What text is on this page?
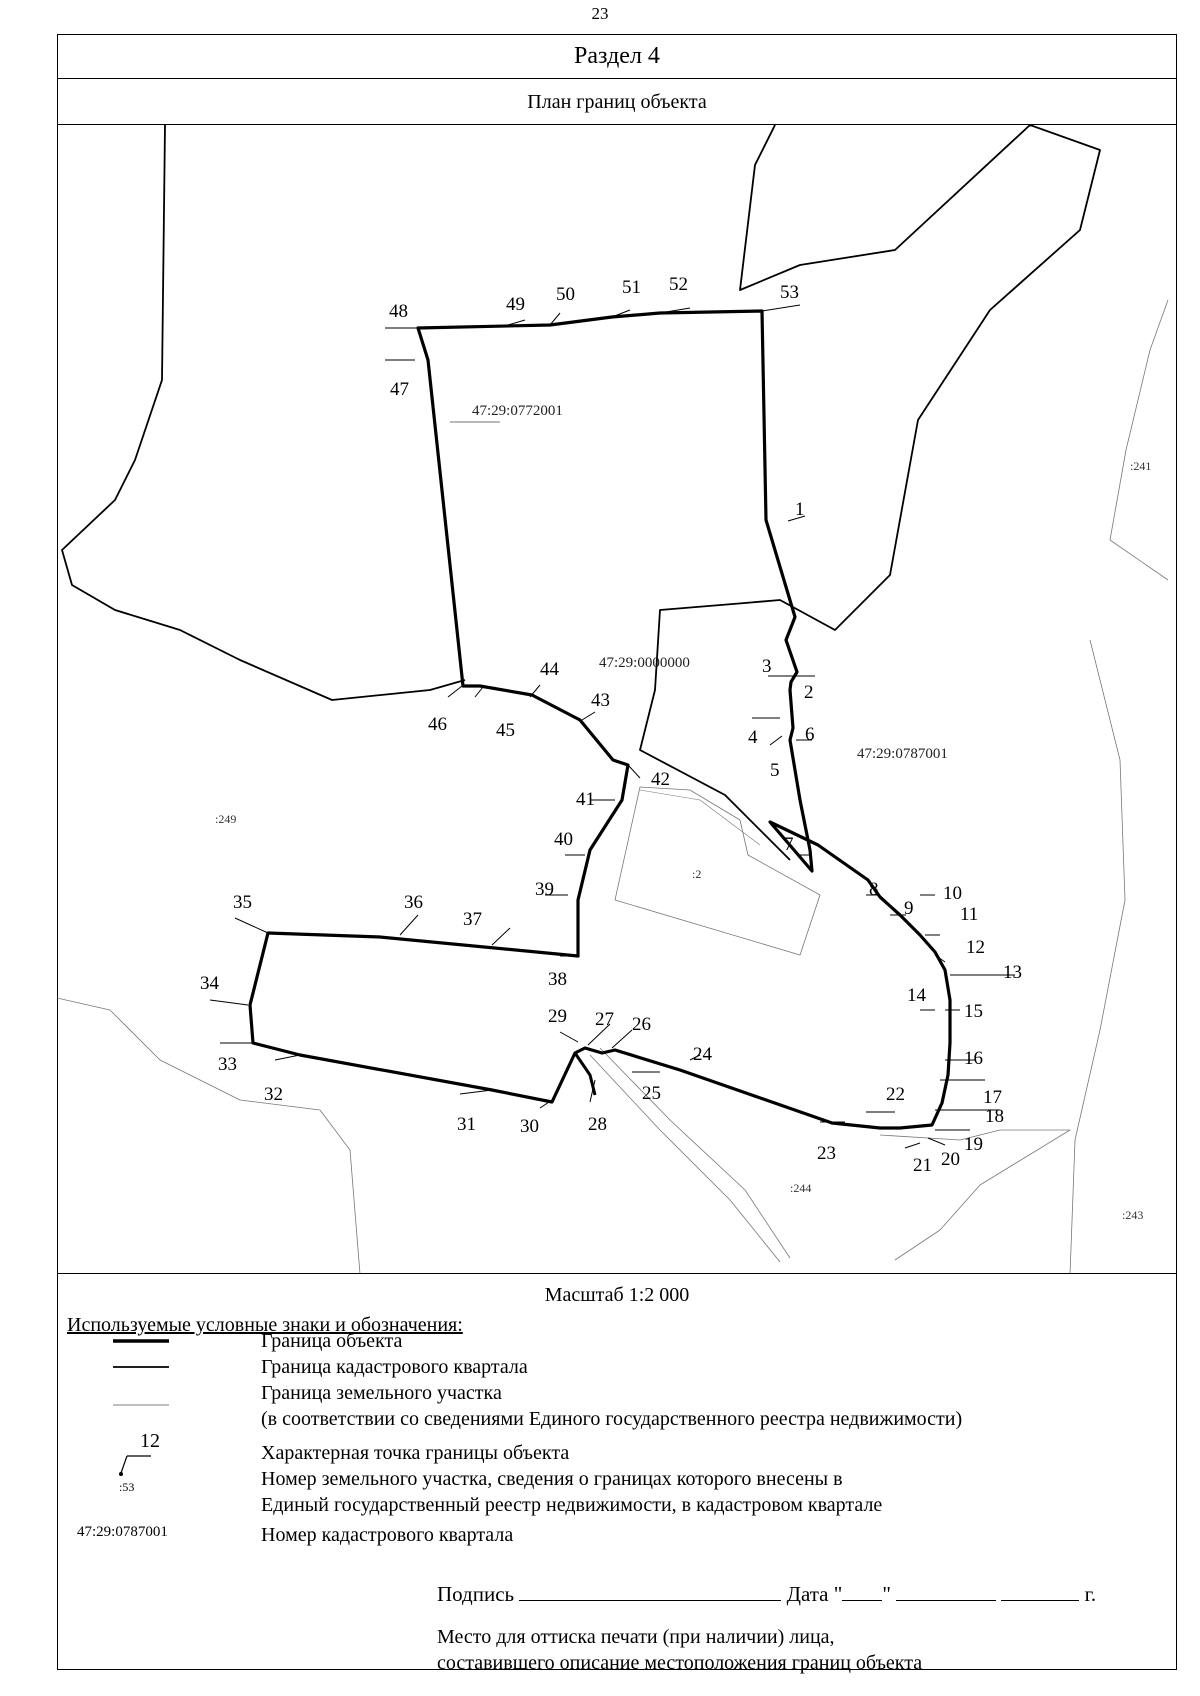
23
Раздел 4
План границ объекта
1
2
3
4
5
6
7
8
9
10
11
12
13
14
15
16
17
18
19
20
21
22
23
24
25
26
27
28
29
30
31
32
33
34
35	36
37
38
39
40
41
42
43
44
45
46
47
48	49 50 51 52	53
47:29:0772001
47:29:0000000
47:29:0787001
:241
:249
:2
:244
:243
Масштаб 1:2 000
Используемые условные знаки и обозначения:
Граница объекта
Граница кадастрового квартала
Граница земельного участка
(в соответствии со сведениями Единого государственного реестра недвижимости)
12
Характерная точка границы объекта
:53	Номер земельного участка, сведения о границах которого внесены в
Единый государственный реестр недвижимости, в кадастровом квартале
47:29:0787001	Номер кадастрового квартала
Подпись	Дата " "	г.
Место для оттиска печати (при наличии) лица,
составившего описание местоположения границ объекта
